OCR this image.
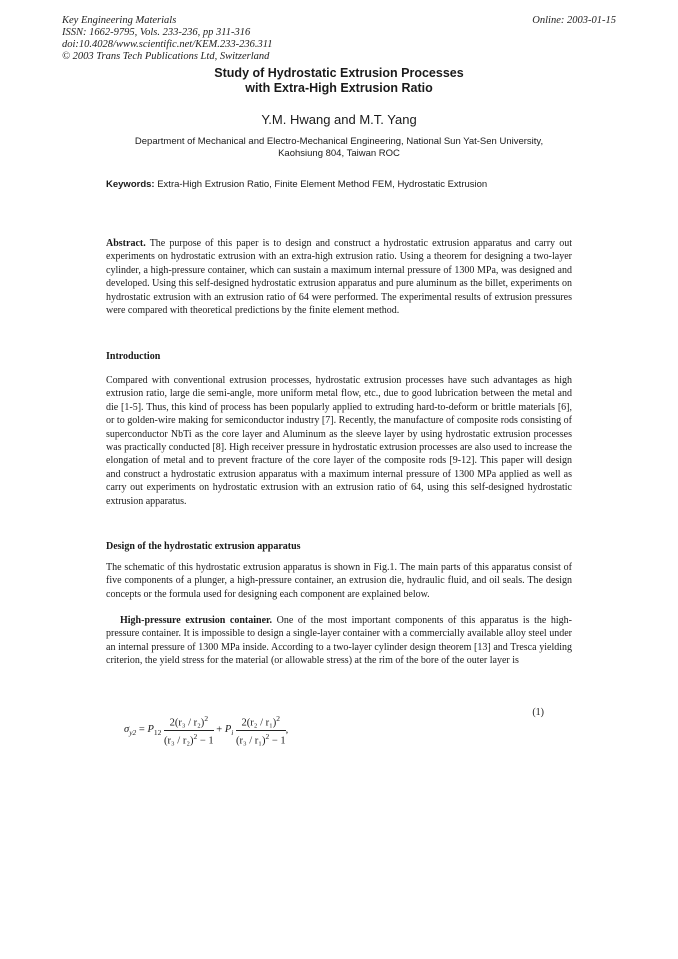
Key Engineering Materials
ISSN: 1662-9795, Vols. 233-236, pp 311-316
doi:10.4028/www.scientific.net/KEM.233-236.311
© 2003 Trans Tech Publications Ltd, Switzerland
Online: 2003-01-15
Study of Hydrostatic Extrusion Processes
with Extra-High Extrusion Ratio
Y.M. Hwang and M.T. Yang
Department of Mechanical and Electro-Mechanical Engineering, National Sun Yat-Sen University,
Kaohsiung 804, Taiwan ROC
Keywords: Extra-High Extrusion Ratio, Finite Element Method FEM, Hydrostatic Extrusion
Abstract. The purpose of this paper is to design and construct a hydrostatic extrusion apparatus and carry out experiments on hydrostatic extrusion with an extra-high extrusion ratio. Using a theorem for designing a two-layer cylinder, a high-pressure container, which can sustain a maximum internal pressure of 1300 MPa, was designed and developed. Using this self-designed hydrostatic extrusion apparatus and pure aluminum as the billet, experiments on hydrostatic extrusion with an extrusion ratio of 64 were performed. The experimental results of extrusion pressures were compared with theoretical predictions by the finite element method.
Introduction
Compared with conventional extrusion processes, hydrostatic extrusion processes have such advantages as high extrusion ratio, large die semi-angle, more uniform metal flow, etc., due to good lubrication between the metal and die [1-5]. Thus, this kind of process has been popularly applied to extruding hard-to-deform or brittle materials [6], or to golden-wire making for semiconductor industry [7]. Recently, the manufacture of composite rods consisting of superconductor NbTi as the core layer and Aluminum as the sleeve layer by using hydrostatic extrusion processes was practically conducted [8]. High receiver pressure in hydrostatic extrusion processes are also used to increase the elongation of metal and to prevent fracture of the core layer of the composite rods [9-12]. This paper will design and construct a hydrostatic extrusion apparatus with a maximum internal pressure of 1300 MPa applied as well as carry out experiments on hydrostatic extrusion with an extrusion ratio of 64, using this self-designed hydrostatic extrusion apparatus.
Design of the hydrostatic extrusion apparatus
The schematic of this hydrostatic extrusion apparatus is shown in Fig.1. The main parts of this apparatus consist of five components of a plunger, a high-pressure container, an extrusion die, hydraulic fluid, and oil seals. The design concepts or the formula used for designing each component are explained below.
High-pressure extrusion container. One of the most important components of this apparatus is the high-pressure container. It is impossible to design a single-layer container with a commercially available alloy steel under an internal pressure of 1300 MPa inside. According to a two-layer cylinder design theorem [13] and Tresca yielding criterion, the yield stress for the material (or allowable stress) at the rim of the bore of the outer layer is
$\sigma_{y2} = P_{12} \frac{2(r_3 / r_2)^2}{(r_3 / r_2)^2 - 1} + P_i \frac{2(r_2 / r_1)^2}{(r_3 / r_1)^2 - 1}$ ,
(1)
